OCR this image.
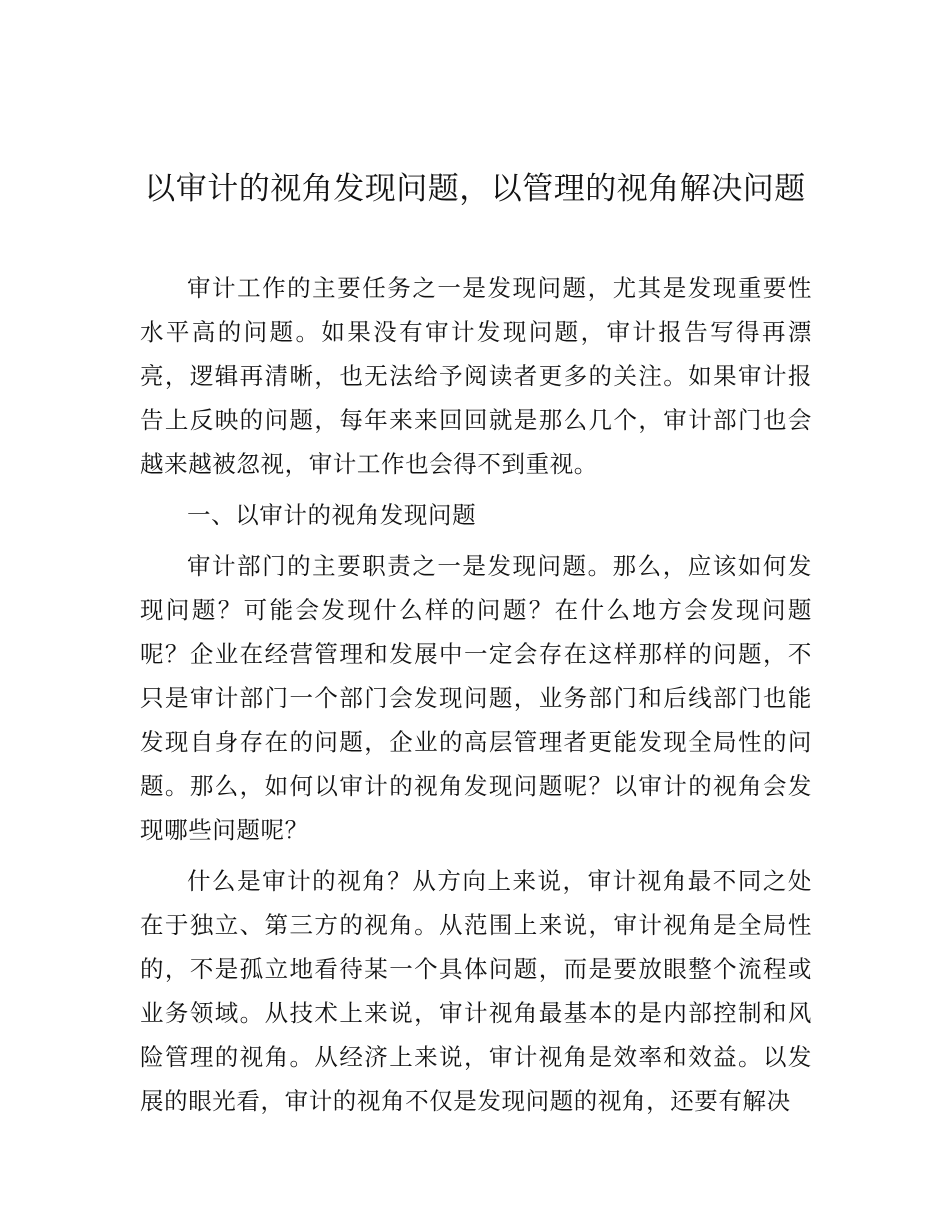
以审计的视角发现问题，以管理的视角解决问题

审计工作的主要任务之一是发现问题，尤其是发现重要性水平高的问题。如果没有审计发现问题，审计报告写得再漂亮，逻辑再清晰，也无法给予阅读者更多的关注。如果审计报告上反映的问题，每年来来回回就是那么几个，审计部门也会越来越被忽视，审计工作也会得不到重视。

一、以审计的视角发现问题

审计部门的主要职责之一是发现问题。那么，应该如何发现问题？可能会发现什么样的问题？在什么地方会发现问题呢？企业在经营管理和发展中一定会存在这样那样的问题，不只是审计部门一个部门会发现问题，业务部门和后线部门也能发现自身存在的问题，企业的高层管理者更能发现全局性的问题。那么，如何以审计的视角发现问题呢？以审计的视角会发现哪些问题呢？

什么是审计的视角？从方向上来说，审计视角最不同之处在于独立、第三方的视角。从范围上来说，审计视角是全局性的，不是孤立地看待某一个具体问题，而是要放眼整个流程或业务领域。从技术上来说，审计视角最基本的是内部控制和风险管理的视角。从经济上来说，审计视角是效率和效益。以发展的眼光看，审计的视角不仅是发现问题的视角，还要有解决
